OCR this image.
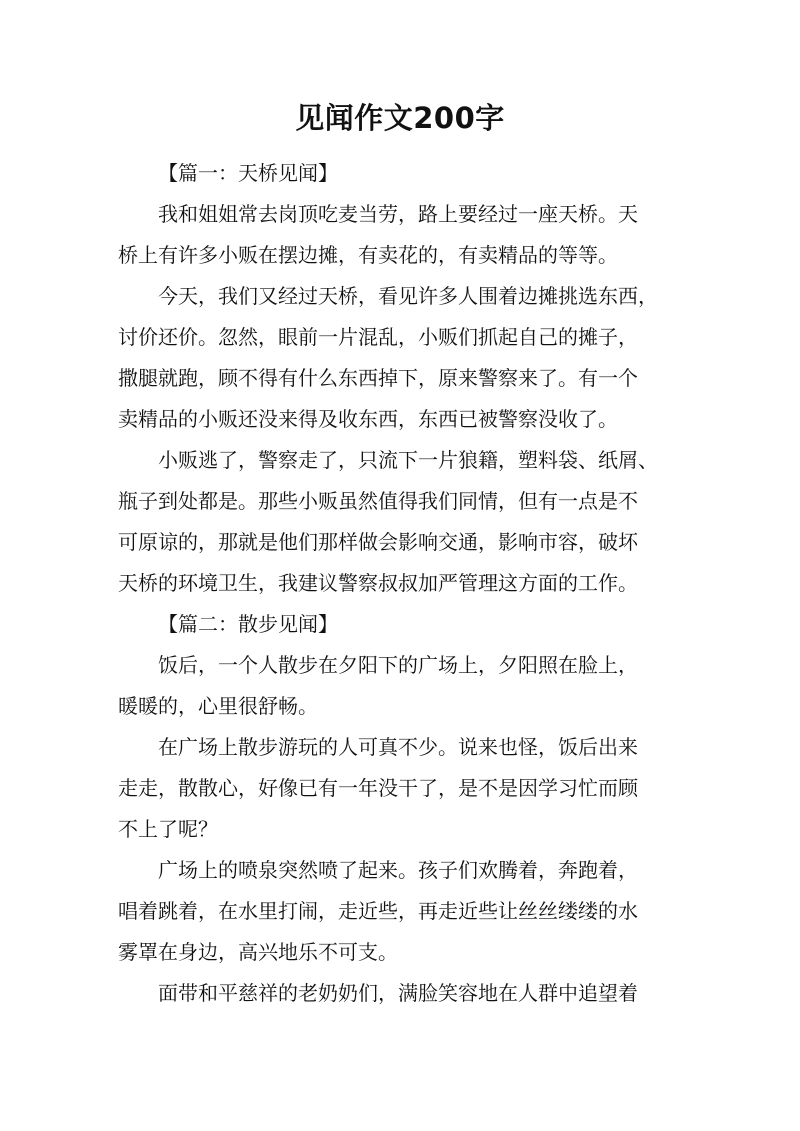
见闻作文200字

【篇一：天桥见闻】

我和姐姐常去岗顶吃麦当劳，路上要经过一座天桥。天
桥上有许多小贩在摆边摊，有卖花的，有卖精品的等等。

今天，我们又经过天桥，看见许多人围着边摊挑选东西，
讨价还价。忽然，眼前一片混乱，小贩们抓起自己的摊子，
撒腿就跑，顾不得有什么东西掉下，原来警察来了。有一个
卖精品的小贩还没来得及收东西，东西已被警察没收了。

小贩逃了，警察走了，只流下一片狼籍，塑料袋、纸屑、
瓶子到处都是。那些小贩虽然值得我们同情，但有一点是不
可原谅的，那就是他们那样做会影响交通，影响市容，破坏
天桥的环境卫生，我建议警察叔叔加严管理这方面的工作。

【篇二：散步见闻】

饭后，一个人散步在夕阳下的广场上，夕阳照在脸上，
暖暖的，心里很舒畅。

在广场上散步游玩的人可真不少。说来也怪，饭后出来
走走，散散心，好像已有一年没干了，是不是因学习忙而顾
不上了呢？

广场上的喷泉突然喷了起来。孩子们欢腾着，奔跑着，
唱着跳着，在水里打闹，走近些，再走近些让丝丝缕缕的水
雾罩在身边，高兴地乐不可支。

面带和平慈祥的老奶奶们，满脸笑容地在人群中追望着
